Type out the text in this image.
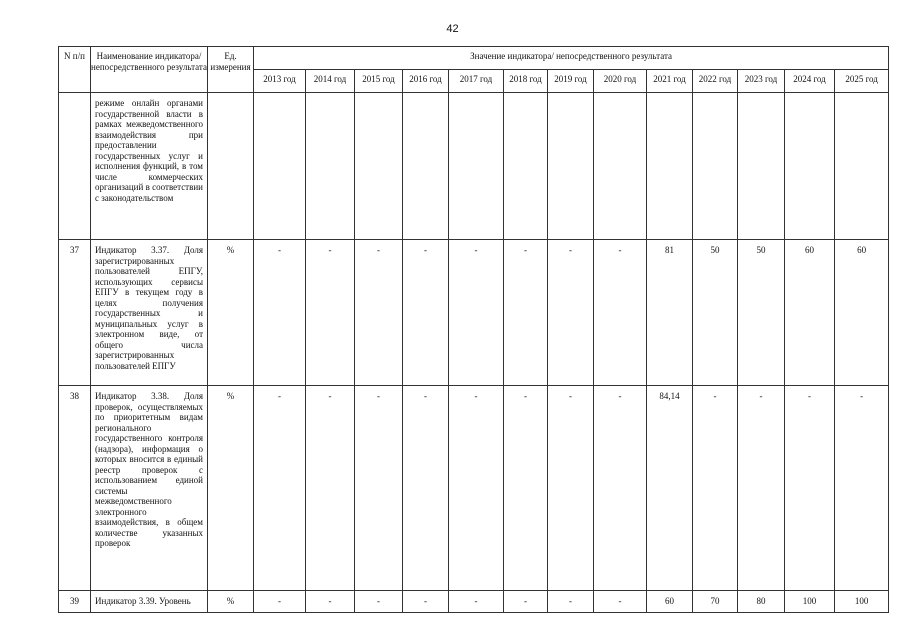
42
N п/п	Наименование индикатора/непосредственного результата	Ед. измерения	Значение индикатора/ непосредственного результата												
			2013 год	2014 год	2015 год	2016 год	2017 год	2018 год	2019 год	2020 год	2021 год	2022 год	2023 год	2024 год	2025 год
	режиме онлайн органами государственной власти в рамках межведомственного взаимодействия при предоставлении государственных услуг и исполнения функций, в том числе коммерческих организаций в соответствии с законодательством														
37	Индикатор 3.37. Доля зарегистрированных пользователей ЕПГУ, использующих сервисы ЕПГУ в текущем году в целях получения государственных и муниципальных услуг в электронном виде, от общего числа зарегистрированных пользователей ЕПГУ	%	-	-	-	-	-	-	-	-	81	50	50	60	60
38	Индикатор 3.38. Доля проверок, осуществляемых по приоритетным видам регионального государственного контроля (надзора), информация о которых вносится в единый реестр проверок с использованием единой системы межведомственного электронного взаимодействия, в общем количестве указанных проверок	%	-	-	-	-	-	-	-	-	84,14	-	-	-	-
39	Индикатор 3.39. Уровень	%	-	-	-	-	-	-	-	-	60	70	80	100	100
